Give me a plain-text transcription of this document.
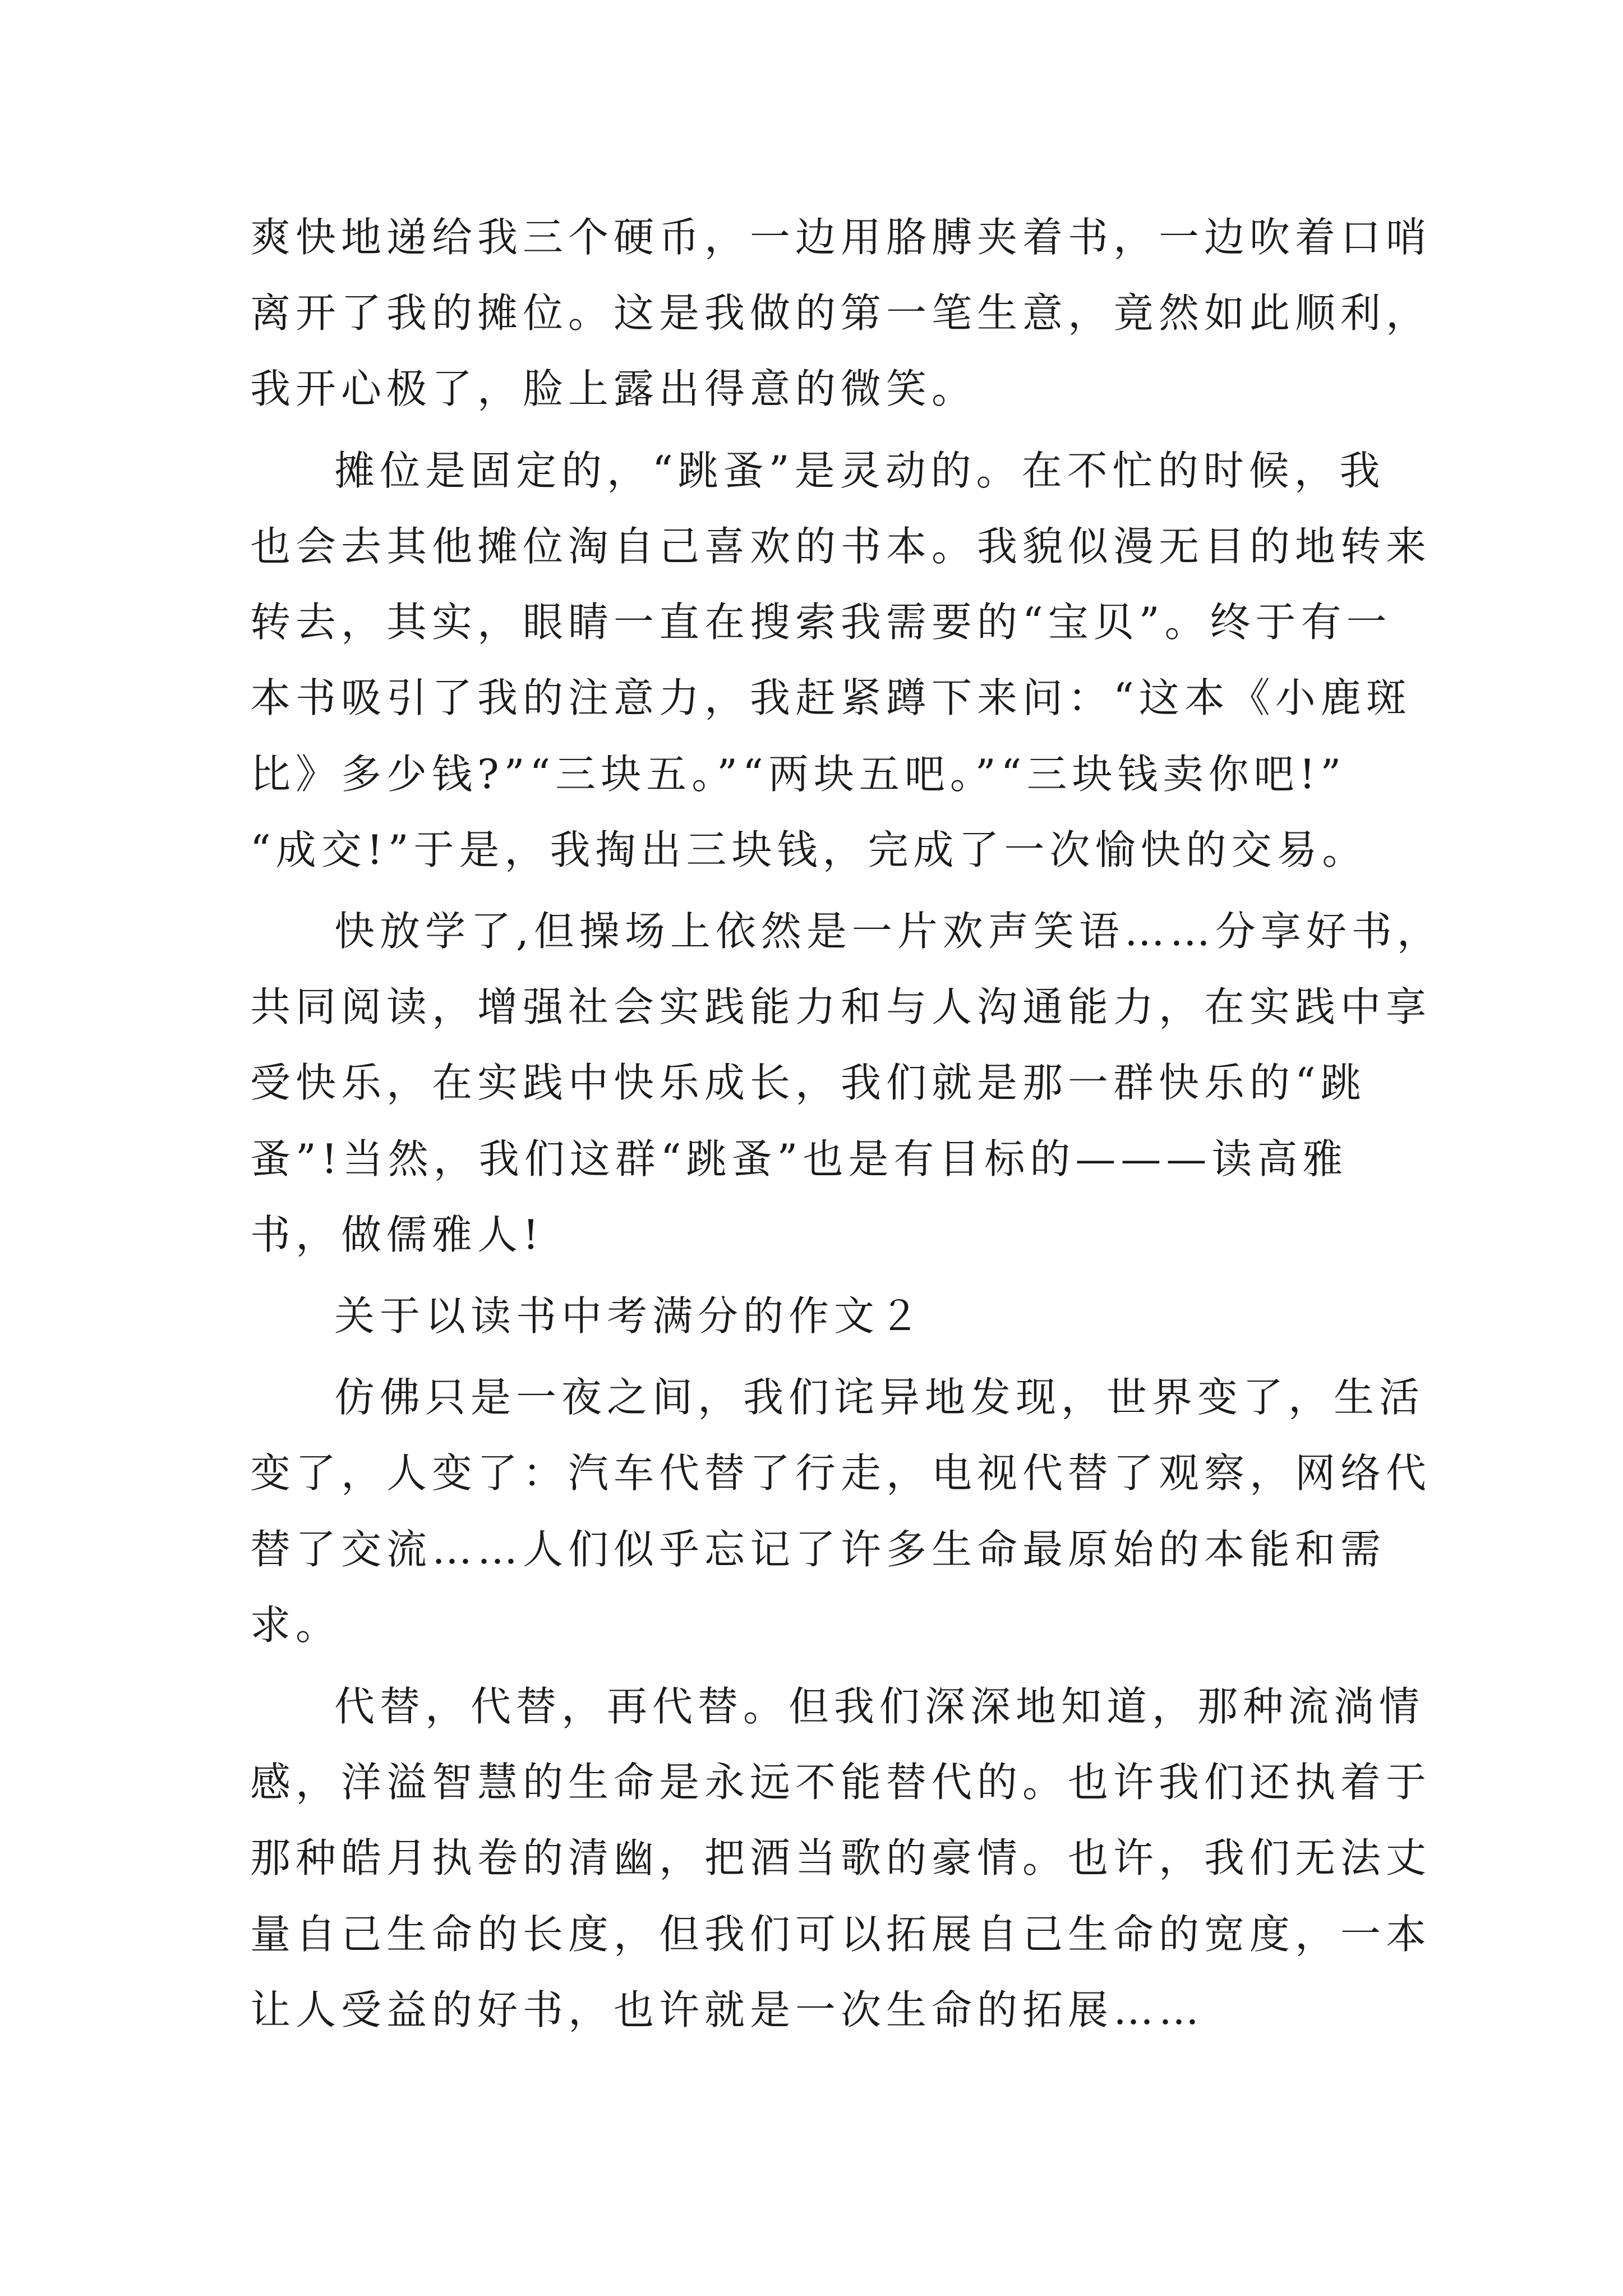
爽快地递给我三个硬币，一边用胳膊夹着书，一边吹着口哨
离开了我的摊位。这是我做的第一笔生意，竟然如此顺利，
我开心极了，脸上露出得意的微笑。
摊位是固定的，“跳蚤”是灵动的。在不忙的时候，我
也会去其他摊位淘自己喜欢的书本。我貌似漫无目的地转来
转去，其实，眼睛一直在搜索我需要的“宝贝”。终于有一
本书吸引了我的注意力，我赶紧蹲下来问：“这本《小鹿斑
比》多少钱?”“三块五。”“两块五吧。”“三块钱卖你吧!”
“成交!”于是，我掏出三块钱，完成了一次愉快的交易。
快放学了,但操场上依然是一片欢声笑语……分享好书，
共同阅读，增强社会实践能力和与人沟通能力，在实践中享
受快乐，在实践中快乐成长，我们就是那一群快乐的“跳
蚤”!当然，我们这群“跳蚤”也是有目标的———读高雅
书，做儒雅人!
关于以读书中考满分的作文２
仿佛只是一夜之间，我们诧异地发现，世界变了，生活
变了，人变了：汽车代替了行走，电视代替了观察，网络代
替了交流……人们似乎忘记了许多生命最原始的本能和需
求。
代替，代替，再代替。但我们深深地知道，那种流淌情
感，洋溢智慧的生命是永远不能替代的。也许我们还执着于
那种皓月执卷的清幽，把酒当歌的豪情。也许，我们无法丈
量自己生命的长度，但我们可以拓展自己生命的宽度，一本
让人受益的好书，也许就是一次生命的拓展……
